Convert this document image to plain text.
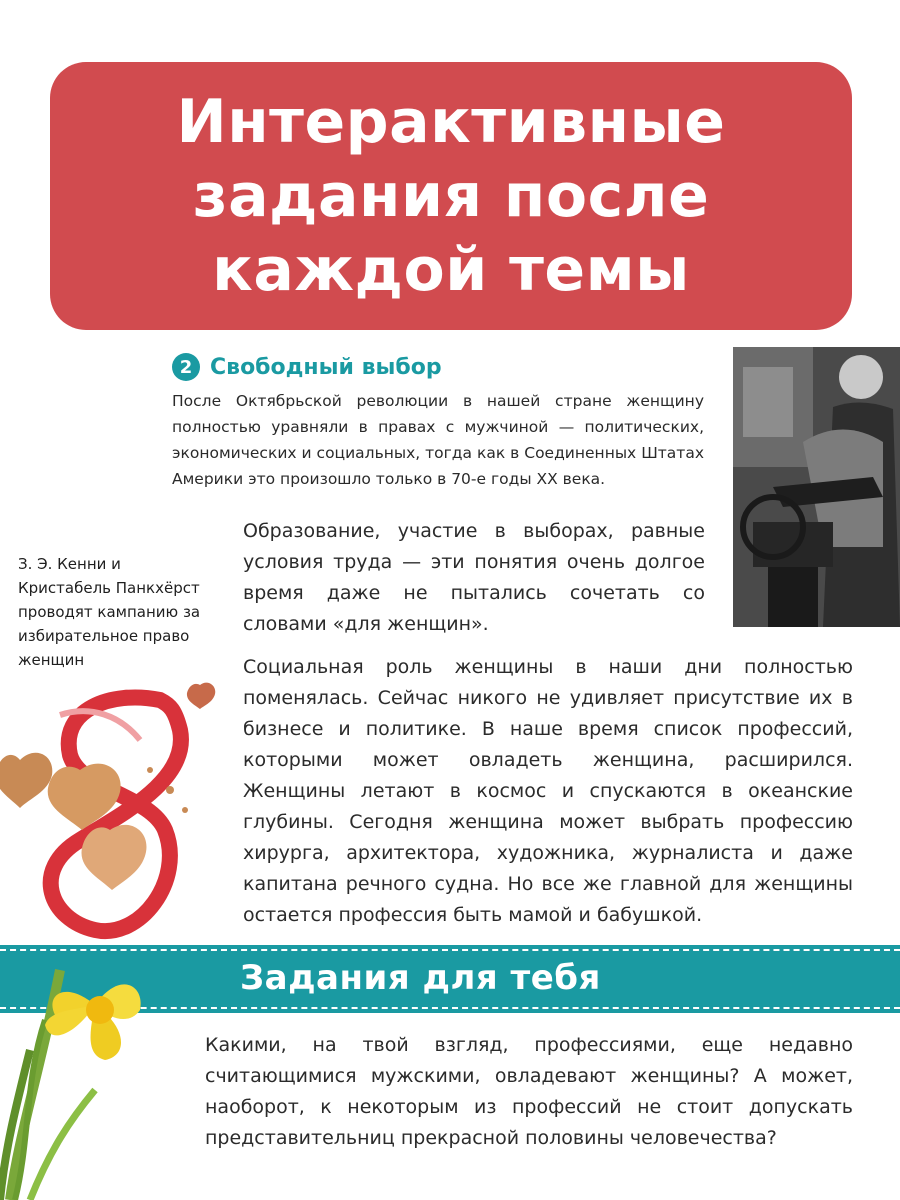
Интерактивные
задания после
каждой темы
2 Свободный выбор

После Октябрьской революции в нашей стране женщину полностью уравняли в правах с мужчиной — политических, экономических и социальных, тогда как в Соединенных Штатах Америки это произошло только в 70-е годы XX века.

З. Э. Кенни и Кристабель Панкхёрст проводят кампанию за избирательное право женщин

Образование, участие в выборах, равные условия труда — эти понятия очень долгое время даже не пытались сочетать со словами «для женщин».

Социальная роль женщины в наши дни полностью поменялась. Сейчас никого не удивляет присутствие их в бизнесе и политике. В наше время список профессий, которыми может овладеть женщина, расширился. Женщины летают в космос и спускаются в океанские глубины. Сегодня женщина может выбрать профессию хирурга, архитектора, художника, журналиста и даже капитана речного судна. Но все же главной для женщины остается профессия быть мамой и бабушкой.

Задания для тебя

Какими, на твой взгляд, профессиями, еще недавно считающимися мужскими, овладевают женщины? А может, наоборот, к некоторым из профессий не стоит допускать представительниц прекрасной половины человечества?
